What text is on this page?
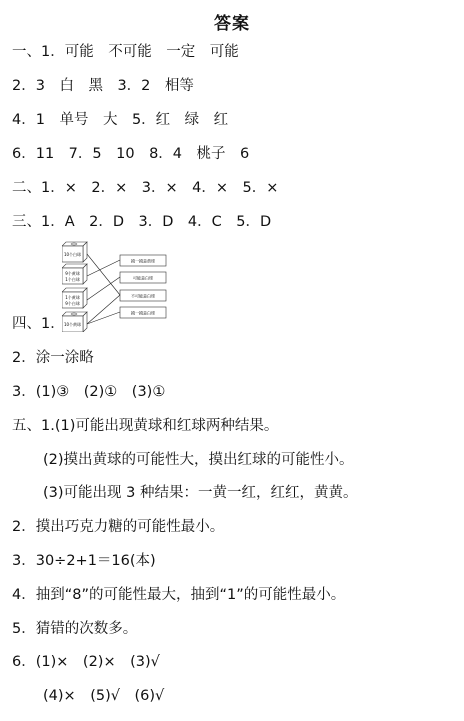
答案
一、1．可能　不可能　一定　可能
2．3　白　黑　3．2　相等
4．1　单号　大　5．红　绿　红
6．11　7．5　10　8．4　桃子　6
二、1．×　2．×　3．×　4．×　5．×
三、1．A　2．D　3．D　4．C　5．D
10个白球
9个黄球
1个白球
1个黄球
9个白球
10个黄球
摸一摸是黄球
可能是白球
不可能是白球
摸一摸是白球
四、1．
2．涂一涂略
3．(1)③　(2)①　(3)①
五、1.(1)可能出现黄球和红球两种结果。
(2)摸出黄球的可能性大，摸出红球的可能性小。
(3)可能出现 3 种结果：一黄一红，红红，黄黄。
2．摸出巧克力糖的可能性最小。
3．30÷2+1＝16(本)
4．抽到“8”的可能性最大，抽到“1”的可能性最小。
5．猜错的次数多。
6．(1)×　(2)×　(3)√
(4)×　(5)√　(6)√
